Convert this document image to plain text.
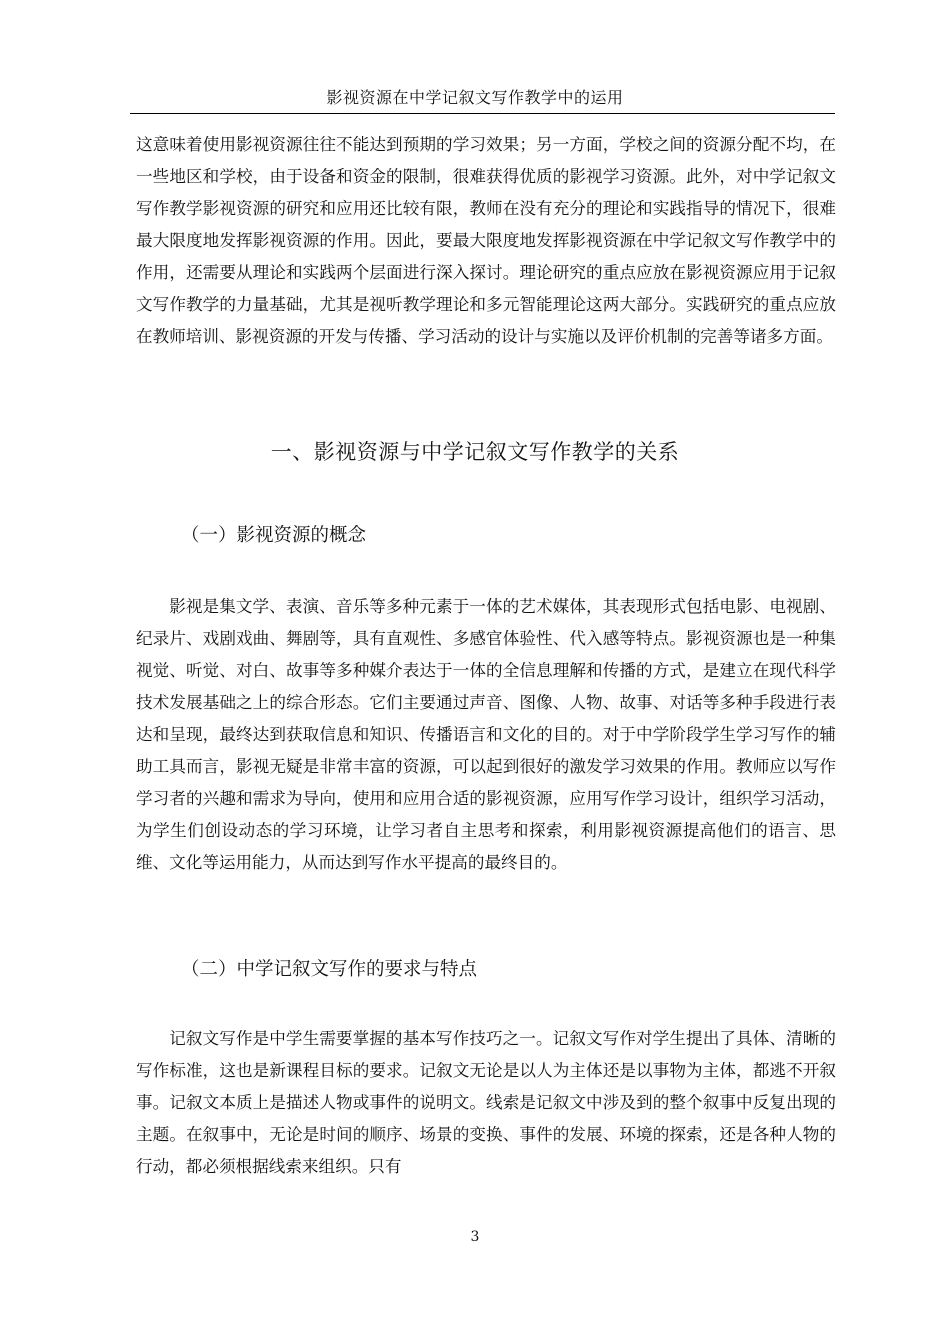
影视资源在中学记叙文写作教学中的运用

这意味着使用影视资源往往不能达到预期的学习效果；另一方面，学校之间的资源分配不均，在一些地区和学校，由于设备和资金的限制，很难获得优质的影视学习资源。此外，对中学记叙文写作教学影视资源的研究和应用还比较有限，教师在没有充分的理论和实践指导的情况下，很难最大限度地发挥影视资源的作用。因此，要最大限度地发挥影视资源在中学记叙文写作教学中的作用，还需要从理论和实践两个层面进行深入探讨。理论研究的重点应放在影视资源应用于记叙文写作教学的力量基础，尤其是视听教学理论和多元智能理论这两大部分。实践研究的重点应放在教师培训、影视资源的开发与传播、学习活动的设计与实施以及评价机制的完善等诸多方面。

一、影视资源与中学记叙文写作教学的关系
（一）影视资源的概念

影视是集文学、表演、音乐等多种元素于一体的艺术媒体，其表现形式包括电影、电视剧、纪录片、戏剧戏曲、舞剧等，具有直观性、多感官体验性、代入感等特点。影视资源也是一种集视觉、听觉、对白、故事等多种媒介表达于一体的全信息理解和传播的方式，是建立在现代科学技术发展基础之上的综合形态。它们主要通过声音、图像、人物、故事、对话等多种手段进行表达和呈现，最终达到获取信息和知识、传播语言和文化的目的。对于中学阶段学生学习写作的辅助工具而言，影视无疑是非常丰富的资源，可以起到很好的激发学习效果的作用。教师应以写作学习者的兴趣和需求为导向，使用和应用合适的影视资源，应用写作学习设计，组织学习活动，为学生们创设动态的学习环境，让学习者自主思考和探索，利用影视资源提高他们的语言、思维、文化等运用能力，从而达到写作水平提高的最终目的。

（二）中学记叙文写作的要求与特点

记叙文写作是中学生需要掌握的基本写作技巧之一。记叙文写作对学生提出了具体、清晰的写作标准，这也是新课程目标的要求。记叙文无论是以人为主体还是以事物为主体，都逃不开叙事。记叙文本质上是描述人物或事件的说明文。线索是记叙文中涉及到的整个叙事中反复出现的主题。在叙事中，无论是时间的顺序、场景的变换、事件的发展、环境的探索，还是各种人物的行动，都必须根据线索来组织。只有

3
